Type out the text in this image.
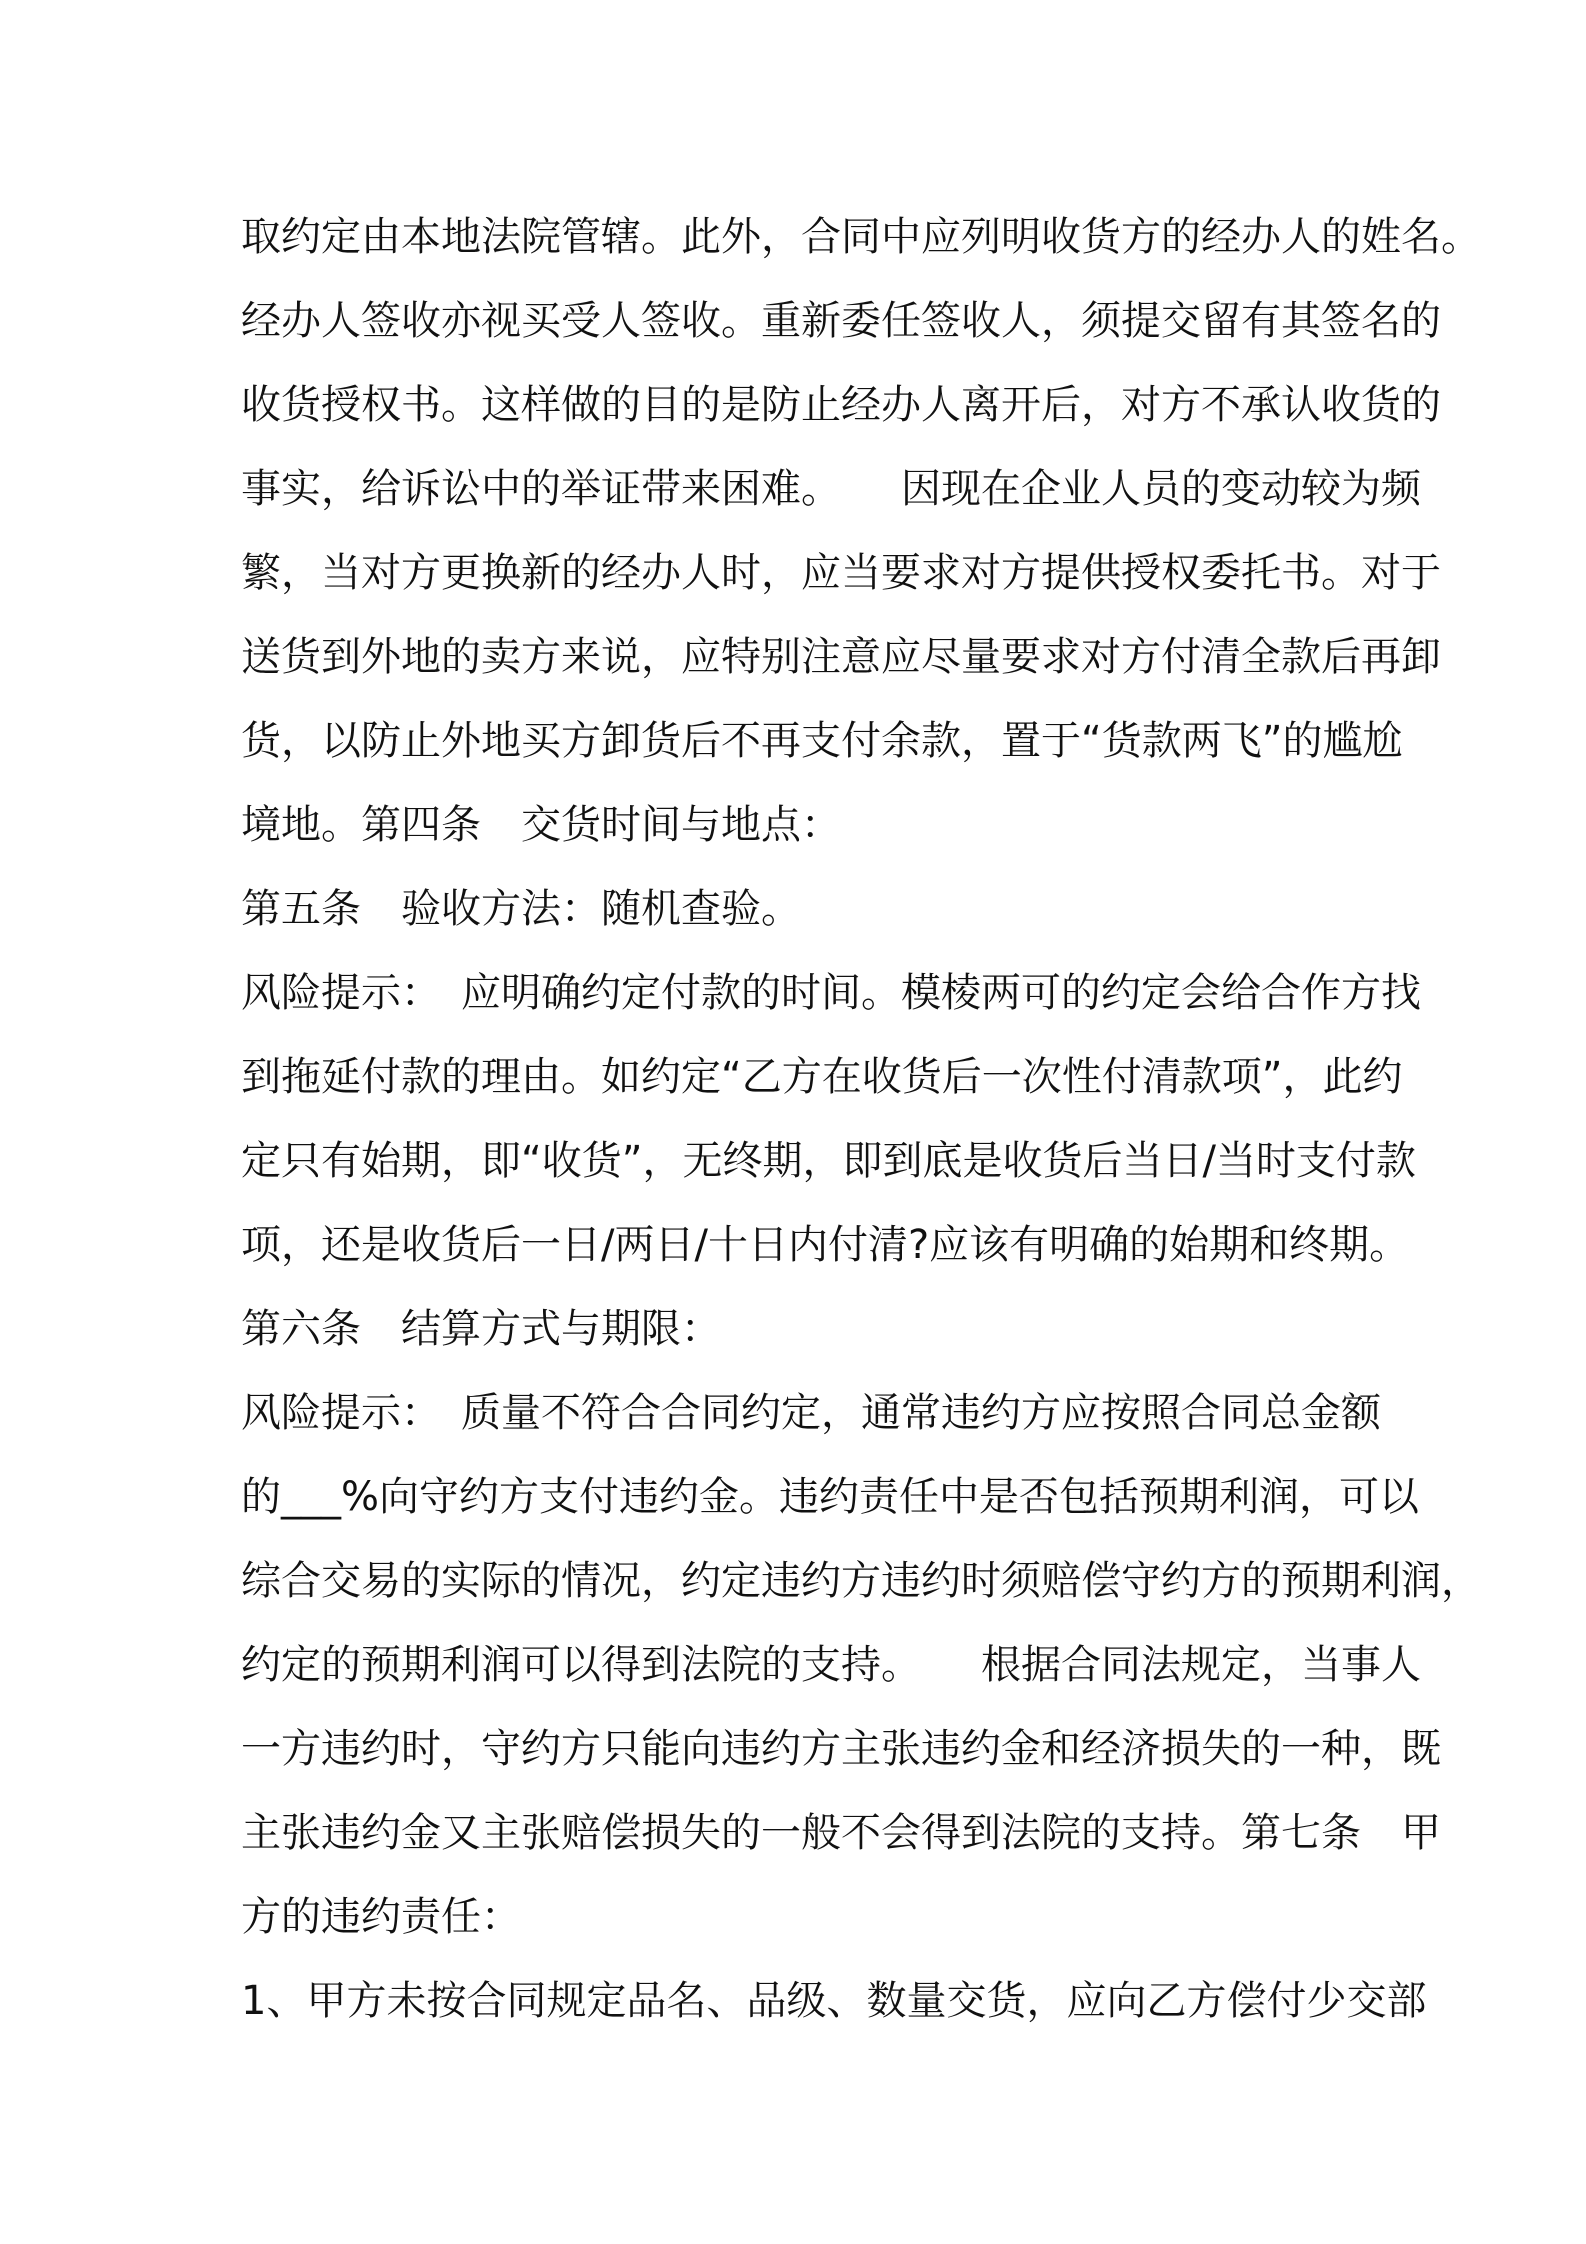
取约定由本地法院管辖。此外，合同中应列明收货方的经办人的姓名。
经办人签收亦视买受人签收。重新委任签收人，须提交留有其签名的
收货授权书。这样做的目的是防止经办人离开后，对方不承认收货的
事实，给诉讼中的举证带来困难。　　因现在企业人员的变动较为频
繁，当对方更换新的经办人时，应当要求对方提供授权委托书。对于
送货到外地的卖方来说，应特别注意应尽量要求对方付清全款后再卸
货，以防止外地买方卸货后不再支付余款，置于“货款两飞”的尴尬
境地。第四条　交货时间与地点：
第五条　验收方法：随机查验。
风险提示：　应明确约定付款的时间。模棱两可的约定会给合作方找
到拖延付款的理由。如约定“乙方在收货后一次性付清款项”，此约
定只有始期，即“收货”，无终期，即到底是收货后当日/当时支付款
项，还是收货后一日/两日/十日内付清?应该有明确的始期和终期。
第六条　结算方式与期限：
风险提示：　质量不符合合同约定，通常违约方应按照合同总金额
的___%向守约方支付违约金。违约责任中是否包括预期利润，可以
综合交易的实际的情况，约定违约方违约时须赔偿守约方的预期利润，
约定的预期利润可以得到法院的支持。　　根据合同法规定，当事人
一方违约时，守约方只能向违约方主张违约金和经济损失的一种，既
主张违约金又主张赔偿损失的一般不会得到法院的支持。第七条　甲
方的违约责任：
1、甲方未按合同规定品名、品级、数量交货，应向乙方偿付少交部
